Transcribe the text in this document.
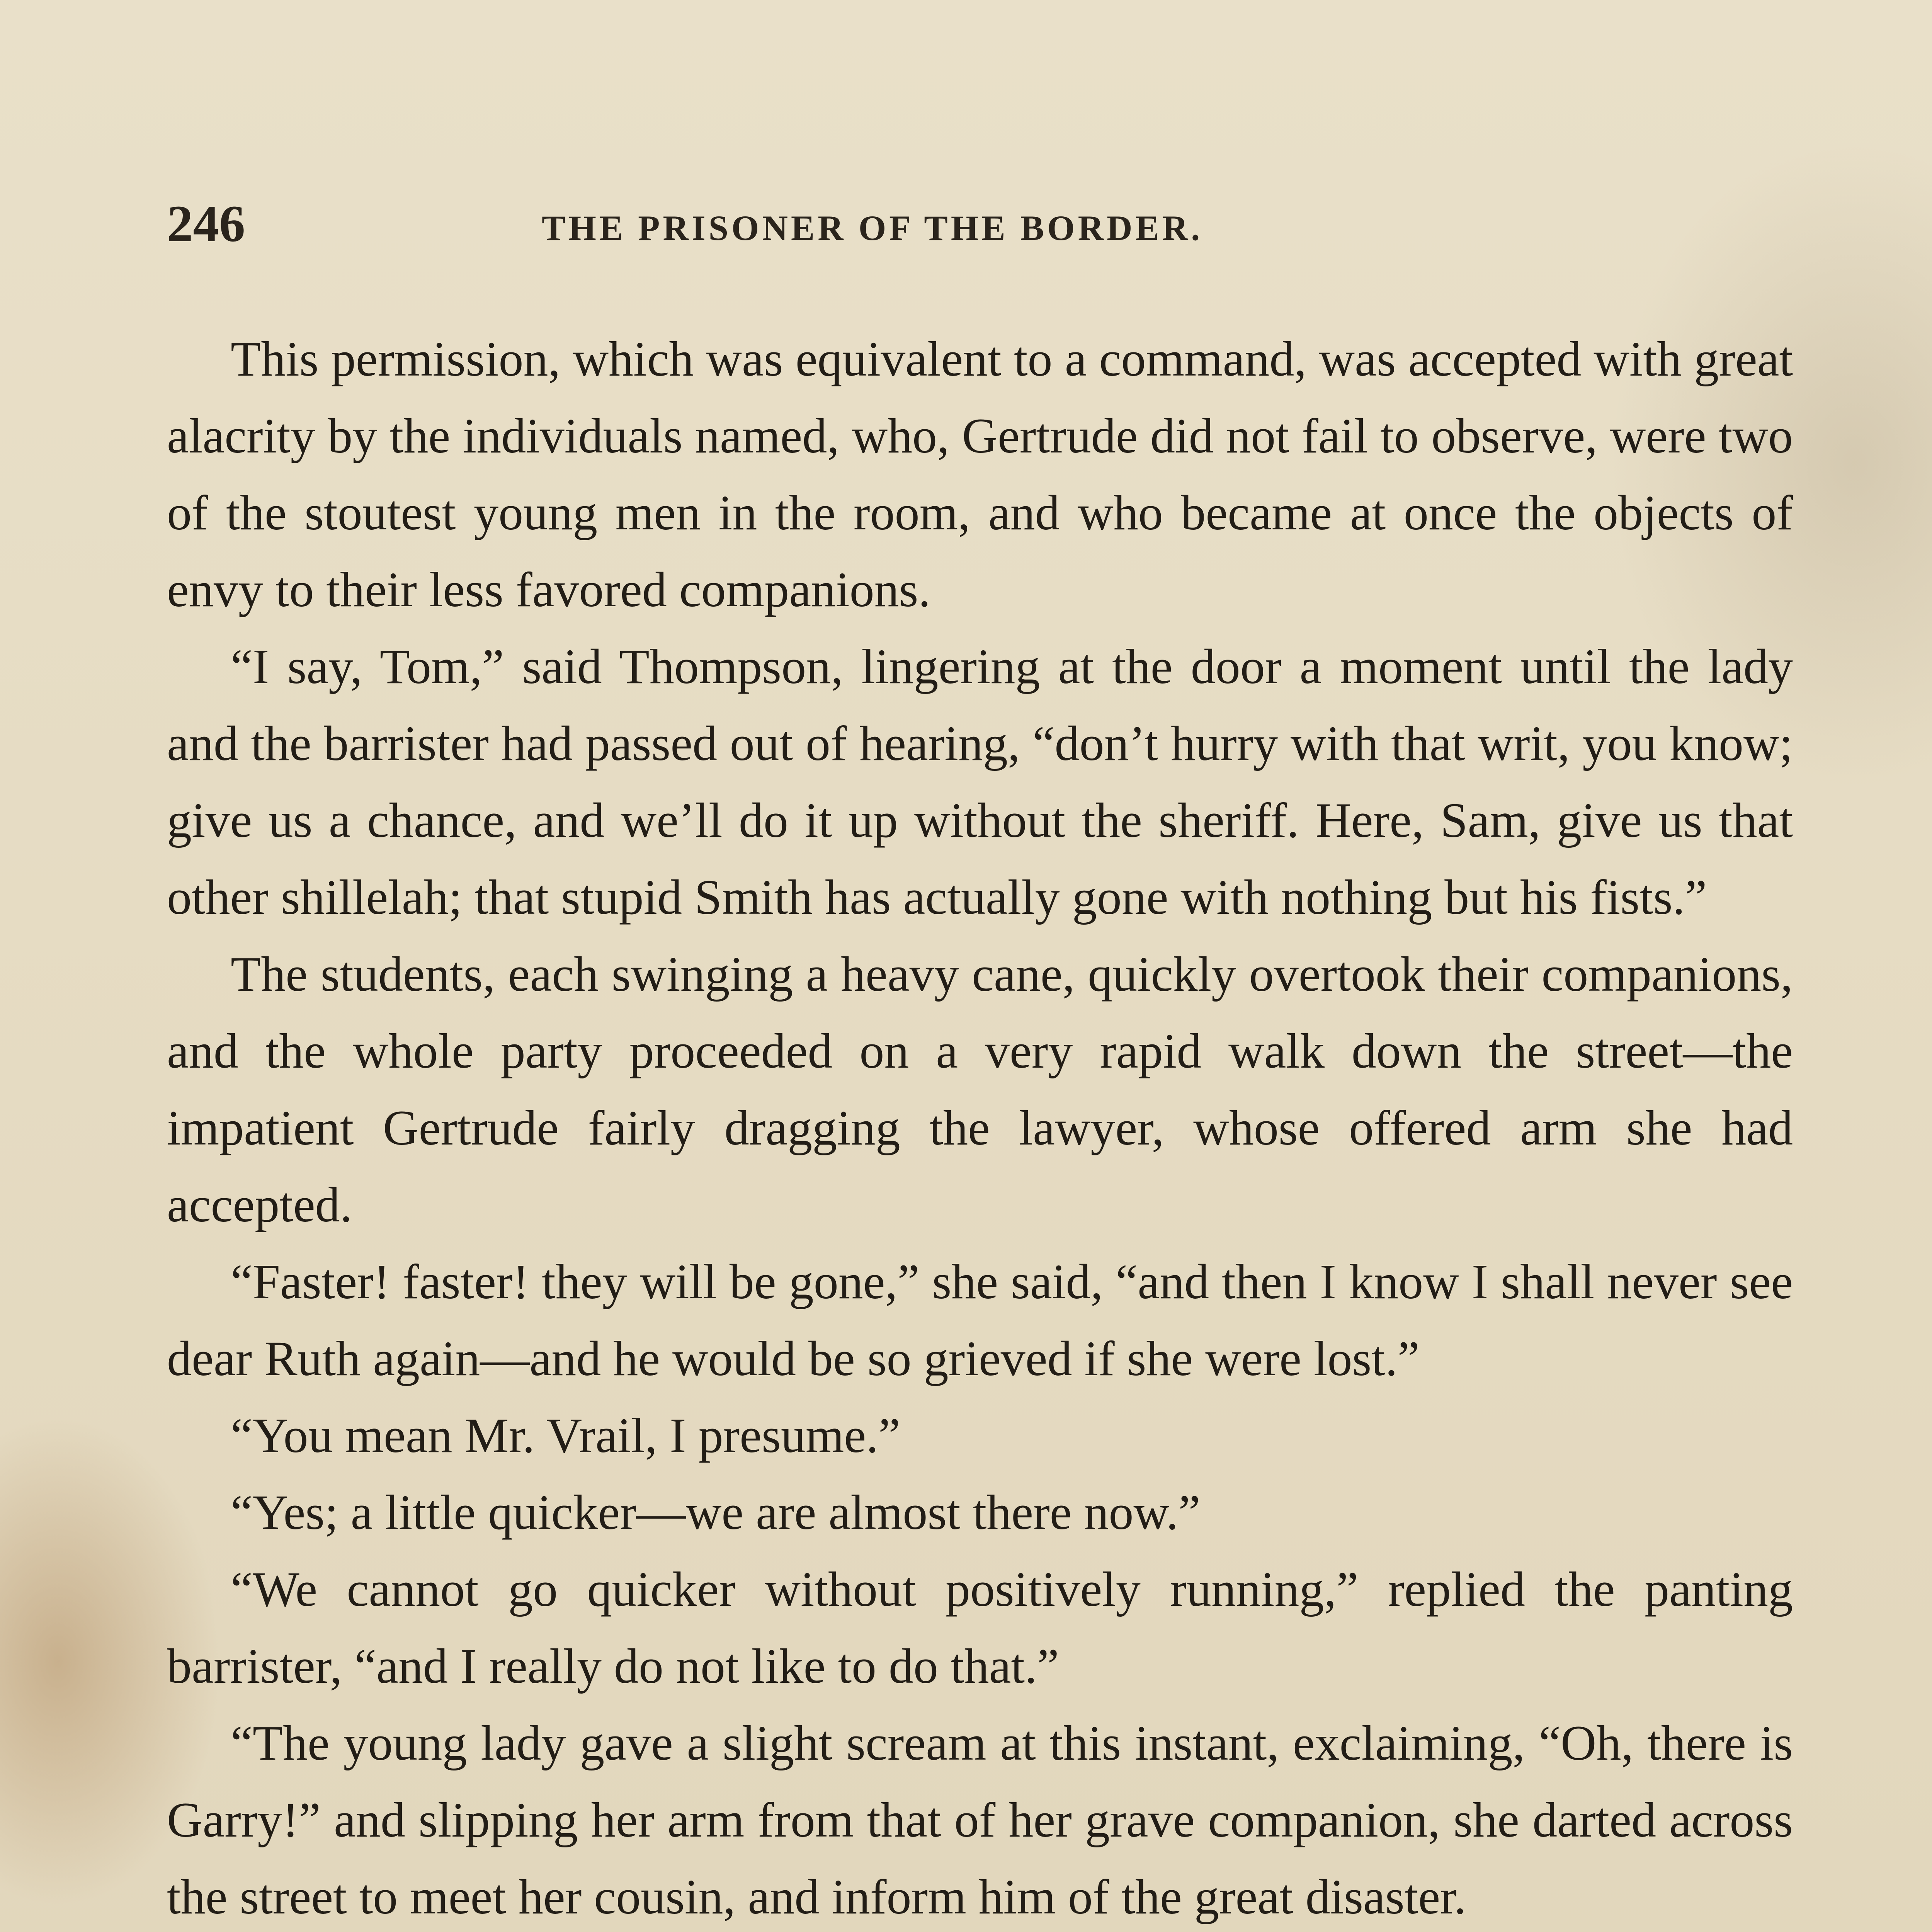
246	THE PRISONER OF THE BORDER.

This permission, which was equivalent to a command, was accepted with great alacrity by the individuals named, who, Gertrude did not fail to observe, were two of the stoutest young men in the room, and who became at once the objects of envy to their less favored companions.

“I say, Tom,” said Thompson, lingering at the door a moment until the lady and the barrister had passed out of hearing, “don’t hurry with that writ, you know; give us a chance, and we’ll do it up without the sheriff. Here, Sam, give us that other shillelah; that stupid Smith has actually gone with nothing but his fists.”

The students, each swinging a heavy cane, quickly overtook their companions, and the whole party proceeded on a very rapid walk down the street—the impatient Gertrude fairly dragging the lawyer, whose offered arm she had accepted.

“Faster! faster! they will be gone,” she said, “and then I know I shall never see dear Ruth again—and he would be so grieved if she were lost.”

“You mean Mr. Vrail, I presume.”

“Yes; a little quicker—we are almost there now.”

“We cannot go quicker without positively running,” replied the panting barrister, “and I really do not like to do that.”

“The young lady gave a slight scream at this instant, exclaiming, “Oh, there is Garry!” and slipping her arm from that of her grave companion, she darted across the street to meet her cousin, and inform him of the great disaster.
